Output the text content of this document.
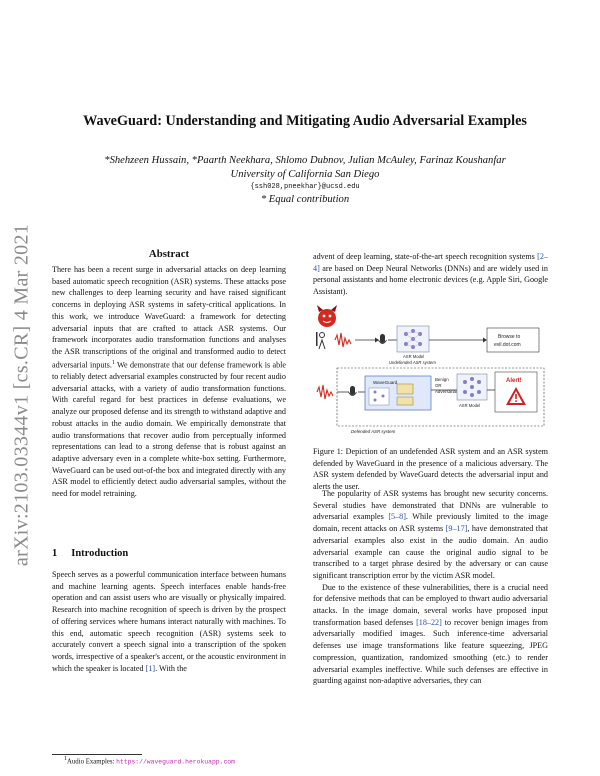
arXiv:2103.03344v1 [cs.CR] 4 Mar 2021
WaveGuard: Understanding and Mitigating Audio Adversarial Examples
*Shehzeen Hussain, *Paarth Neekhara, Shlomo Dubnov, Julian McAuley, Farinaz Koushanfar
University of California San Diego
{ssh028,pneekhar}@ucsd.edu
* Equal contribution
Abstract

There has been a recent surge in adversarial attacks on deep learning based automatic speech recognition (ASR) systems. These attacks pose new challenges to deep learning security and have raised significant concerns in deploying ASR systems in safety-critical applications. In this work, we introduce WaveGuard: a framework for detecting adversarial inputs that are crafted to attack ASR systems. Our framework incorporates audio transformation functions and analyses the ASR transcriptions of the original and transformed audio to detect adversarial inputs.$^1$ We demonstrate that our defense framework is able to reliably detect adversarial examples constructed by four recent audio adversarial attacks, with a variety of audio transformation functions. With careful regard for best practices in defense evaluations, we analyze our proposed defense and its strength to withstand adaptive and robust attacks in the audio domain. We empirically demonstrate that audio transformations that recover audio from perceptually informed representations can lead to a strong defense that is robust against an adaptive adversary even in a complete white-box setting. Furthermore, WaveGuard can be used out-of-the box and integrated directly with any ASR model to efficiently detect audio adversarial samples, without the need for model retraining.

1 Introduction

Speech serves as a powerful communication interface between humans and machine learning agents. Speech interfaces enable hands-free operation and can assist users who are visually or physically impaired. Research into machine recognition of speech is driven by the prospect of offering services where humans interact naturally with machines. To this end, automatic speech recognition (ASR) systems seek to accurately convert a speech signal into a transcription of the spoken words, irrespective of a speaker's accent, or the acoustic environment in which the speaker is located [1]. With the

advent of deep learning, state-of-the-art speech recognition systems [2–4] are based on Deep Neural Networks (DNNs) and are widely used in personal assistants and home electronic devices (e.g. Apple Siri, Google Assistant).

ASR Model
Undefended ASR system
Browse to
evil.dot.com
WaveGuard
Benign
OR
Adversarial
ASR Model
Alert!
Defended ASR system

Figure 1: Depiction of an undefended ASR system and an ASR system defended by WaveGuard in the presence of a malicious adversary. The ASR system defended by WaveGuard detects the adversarial input and alerts the user.

The popularity of ASR systems has brought new security concerns. Several studies have demonstrated that DNNs are vulnerable to adversarial examples [5–8]. While previously limited to the image domain, recent attacks on ASR systems [9–17], have demonstrated that adversarial examples also exist in the audio domain. An audio adversarial example can cause the original audio signal to be transcribed to a target phrase desired by the adversary or can cause significant transcription error by the victim ASR model.

Due to the existence of these vulnerabilities, there is a crucial need for defensive methods that can be employed to thwart audio adversarial attacks. In the image domain, several works have proposed input transformation based defenses [18–22] to recover benign images from adversarially modified images. Such inference-time adversarial defenses use image transformations like feature squeezing, JPEG compression, quantization, randomized smoothing (etc.) to render adversarial examples ineffective. While such defenses are effective in guarding against non-adaptive adversaries, they can

$^1$Audio Examples: https://waveguard.herokuapp.com
